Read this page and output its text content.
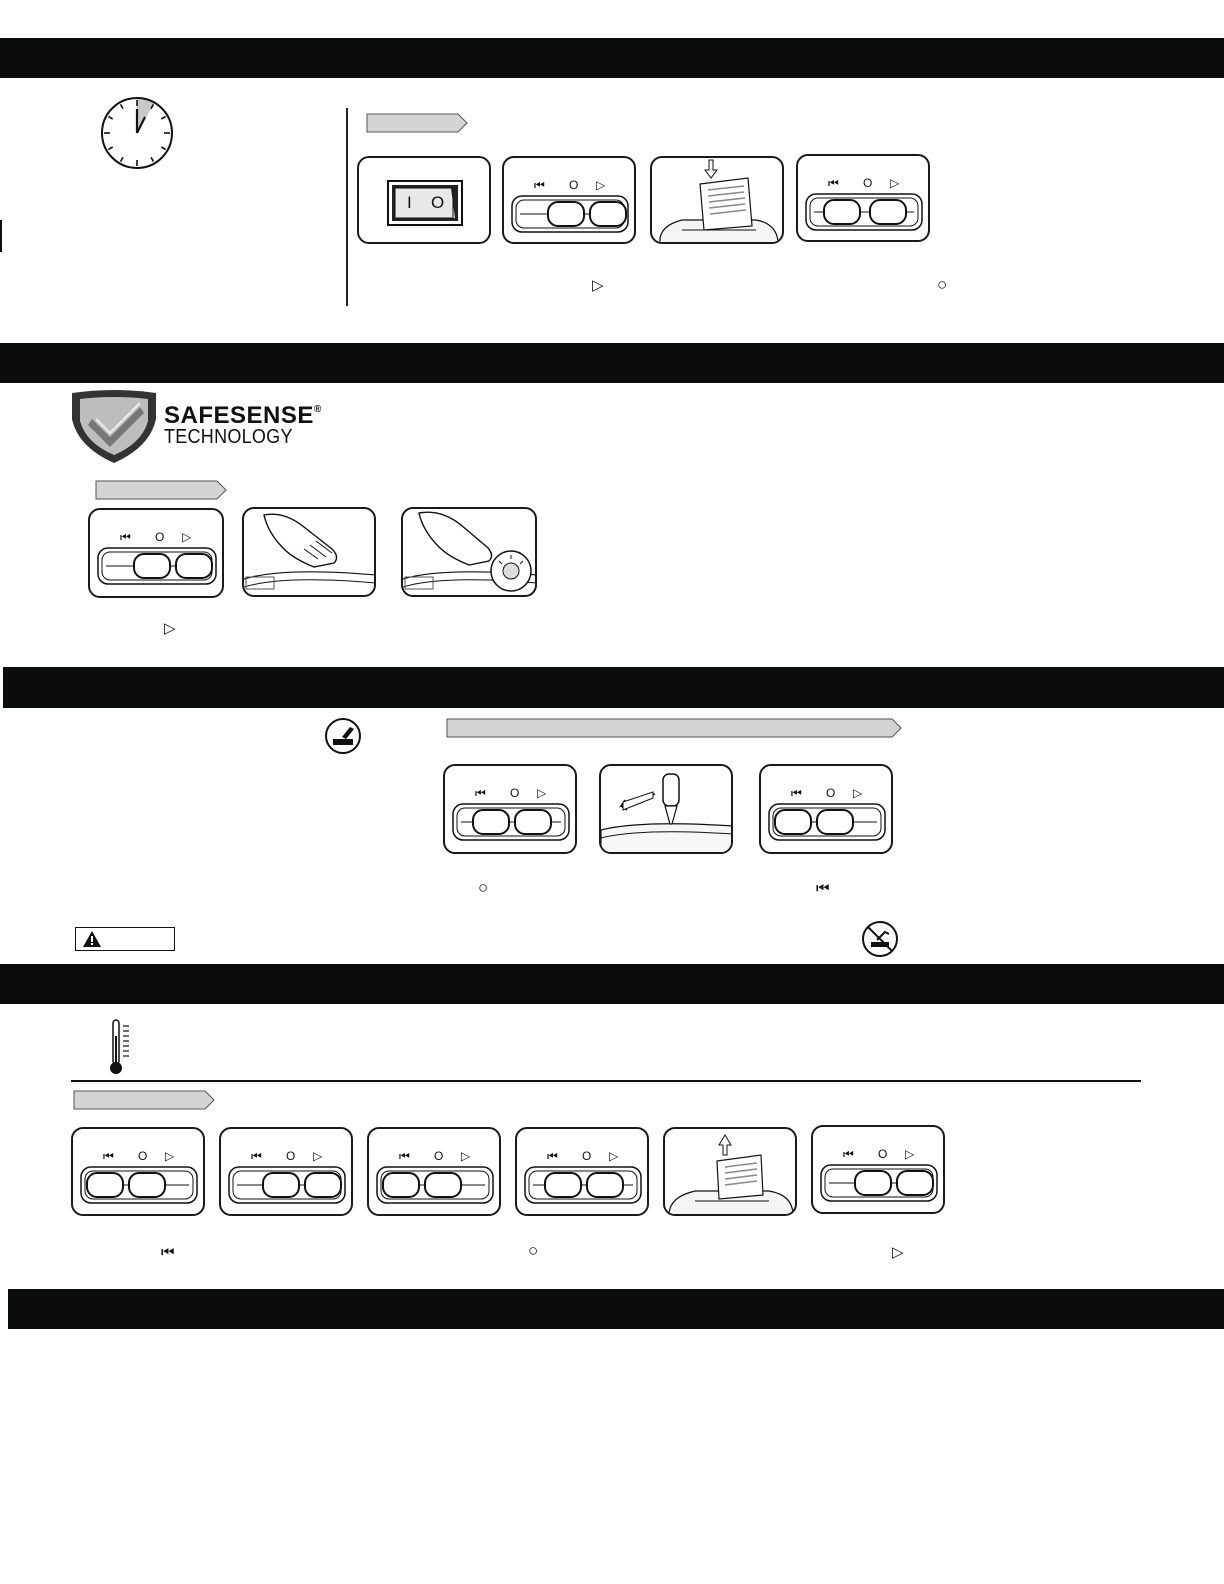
I O
⏮ O ▷	⏮ O ▷
▷	○
SAFESENSE®
TECHNOLOGY
⏮ O ▷
▷
⏮ O ▷	⏮ O ▷
○	⏮
⏮ O ▷	⏮ O ▷	⏮ O ▷	⏮ O ▷	⏮ O ▷
⏮	○	▷
